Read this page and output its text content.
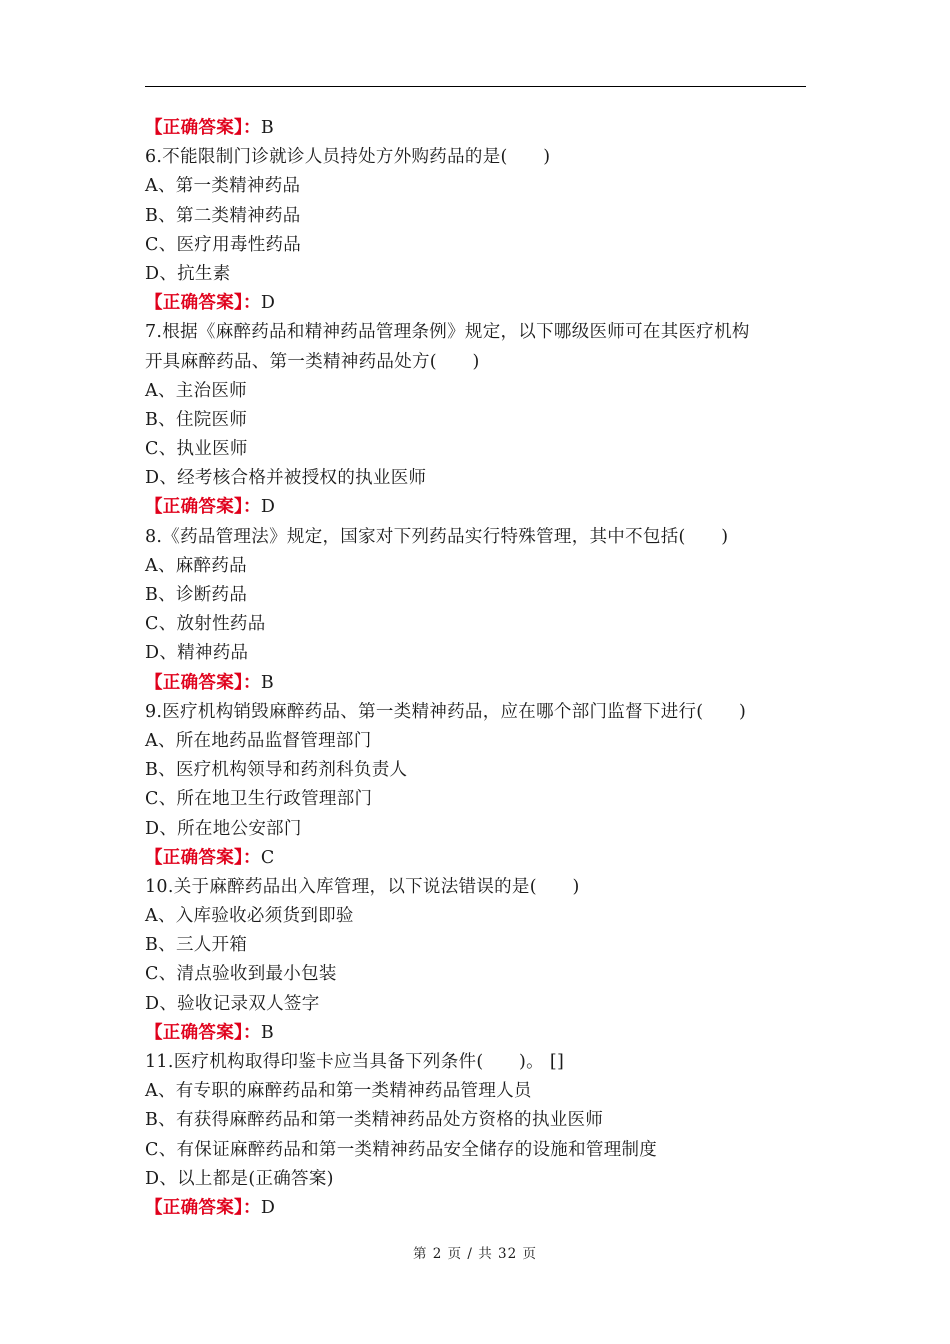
【正确答案】：B
6.不能限制门诊就诊人员持处方外购药品的是(　　)
A、第一类精神药品
B、第二类精神药品
C、医疗用毒性药品
D、抗生素
【正确答案】：D
7.根据《麻醉药品和精神药品管理条例》规定，以下哪级医师可在其医疗机构
开具麻醉药品、第一类精神药品处方(　　)
A、主治医师
B、住院医师
C、执业医师
D、经考核合格并被授权的执业医师
【正确答案】：D
8.《药品管理法》规定，国家对下列药品实行特殊管理，其中不包括(　　)
A、麻醉药品
B、诊断药品
C、放射性药品
D、精神药品
【正确答案】：B
9.医疗机构销毁麻醉药品、第一类精神药品，应在哪个部门监督下进行(　　)
A、所在地药品监督管理部门
B、医疗机构领导和药剂科负责人
C、所在地卫生行政管理部门
D、所在地公安部门
【正确答案】：C
10.关于麻醉药品出入库管理，以下说法错误的是(　　)
A、入库验收必须货到即验
B、三人开箱
C、清点验收到最小包装
D、验收记录双人签字
【正确答案】：B
11.医疗机构取得印鉴卡应当具备下列条件(　　)。 []
A、有专职的麻醉药品和第一类精神药品管理人员
B、有获得麻醉药品和第一类精神药品处方资格的执业医师
C、有保证麻醉药品和第一类精神药品安全储存的设施和管理制度
D、以上都是(正确答案)
【正确答案】：D
第 2 页 / 共 32 页
